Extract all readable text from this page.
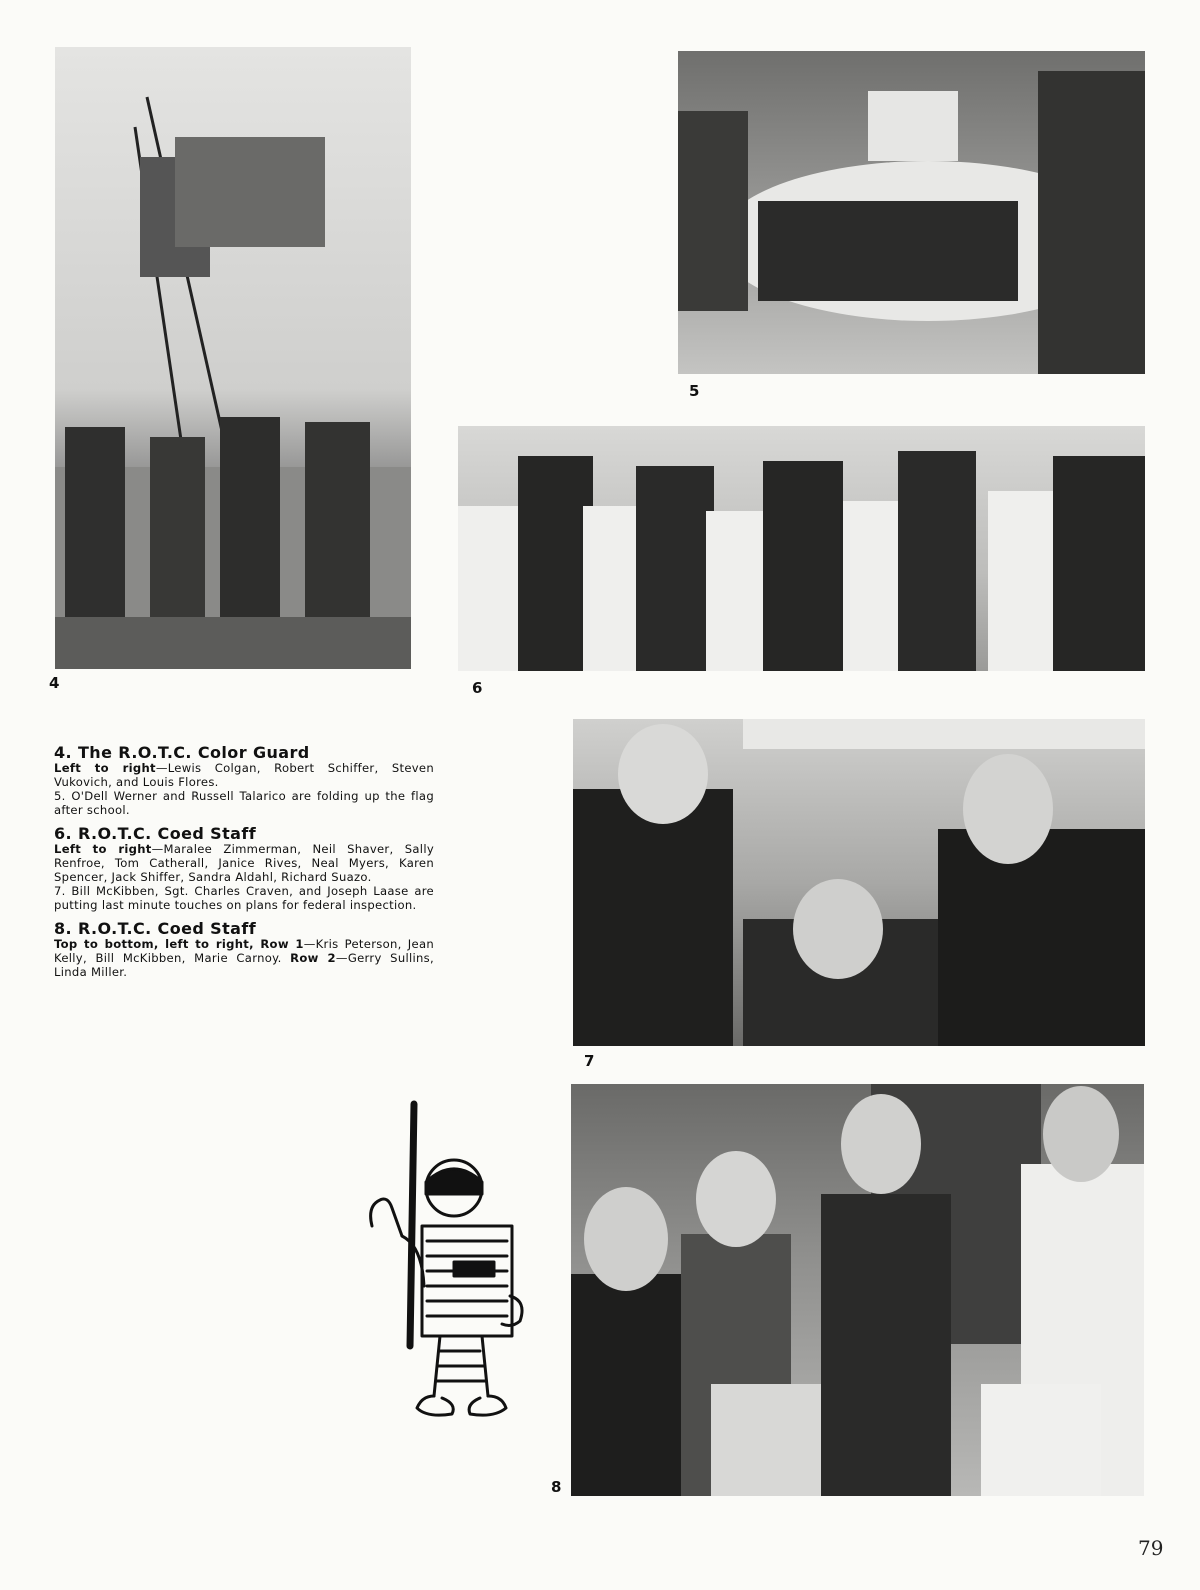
4
5
6
4. The R.O.T.C. Color Guard

Left to right—Lewis Colgan, Robert Schiffer, Steven Vukovich, and Louis Flores.

5. O'Dell Werner and Russell Talarico are folding up the flag after school.

6. R.O.T.C. Coed Staff

Left to right—Maralee Zimmerman, Neil Shaver, Sally Renfroe, Tom Catherall, Janice Rives, Neal Myers, Karen Spencer, Jack Shiffer, Sandra Aldahl, Richard Suazo.

7. Bill McKibben, Sgt. Charles Craven, and Joseph Laase are putting last minute touches on plans for federal inspection.

8. R.O.T.C. Coed Staff

Top to bottom, left to right, Row 1—Kris Peterson, Jean Kelly, Bill McKibben, Marie Carnoy. Row 2—Gerry Sullins, Linda Miller.

7
8
79
